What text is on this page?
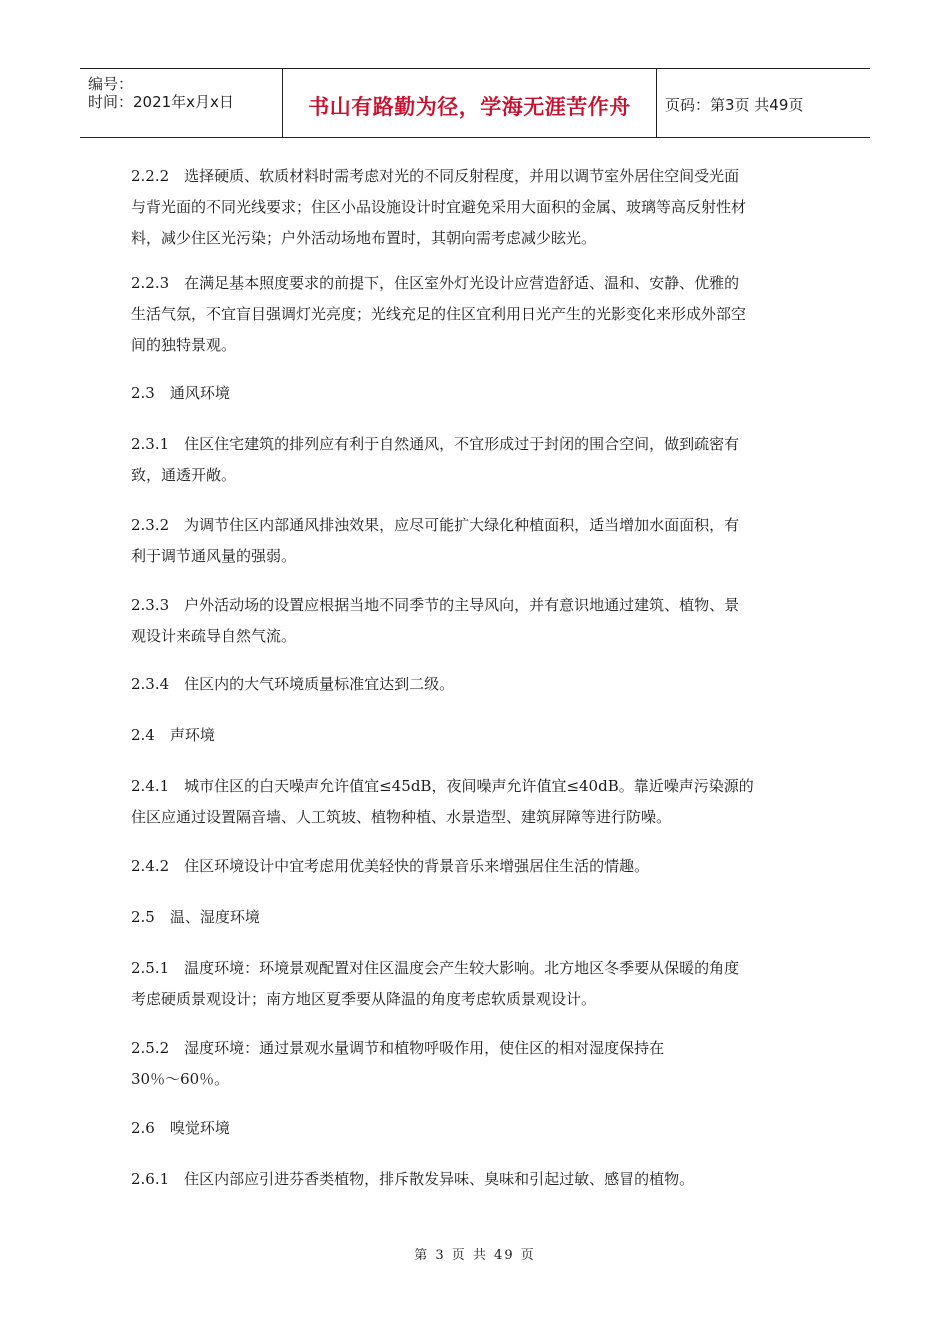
编号：
时间：2021年x月x日	书山有路勤为径，学海无涯苦作舟	页码：第3页 共49页
2.2.2　选择硬质、软质材料时需考虑对光的不同反射程度，并用以调节室外居住空间受光面
与背光面的不同光线要求；住区小品设施设计时宜避免采用大面积的金属、玻璃等高反射性材
料，减少住区光污染；户外活动场地布置时，其朝向需考虑减少眩光。
2.2.3　在满足基本照度要求的前提下，住区室外灯光设计应营造舒适、温和、安静、优雅的
生活气氛，不宜盲目强调灯光亮度；光线充足的住区宜利用日光产生的光影变化来形成外部空
间的独特景观。
2.3　通风环境
2.3.1　住区住宅建筑的排列应有利于自然通风，不宜形成过于封闭的围合空间，做到疏密有
致，通透开敞。
2.3.2　为调节住区内部通风排浊效果，应尽可能扩大绿化种植面积，适当增加水面面积，有
利于调节通风量的强弱。
2.3.3　户外活动场的设置应根据当地不同季节的主导风向，并有意识地通过建筑、植物、景
观设计来疏导自然气流。
2.3.4　住区内的大气环境质量标准宜达到二级。
2.4　声环境
2.4.1　城市住区的白天噪声允许值宜≤45dB，夜间噪声允许值宜≤40dB。靠近噪声污染源的
住区应通过设置隔音墙、人工筑坡、植物种植、水景造型、建筑屏障等进行防噪。
2.4.2　住区环境设计中宜考虑用优美轻快的背景音乐来增强居住生活的情趣。
2.5　温、湿度环境
2.5.1　温度环境：环境景观配置对住区温度会产生较大影响。北方地区冬季要从保暖的角度
考虑硬质景观设计；南方地区夏季要从降温的角度考虑软质景观设计。
2.5.2　湿度环境：通过景观水量调节和植物呼吸作用，使住区的相对湿度保持在
30％～60％。
2.6　嗅觉环境
2.6.1　住区内部应引进芬香类植物，排斥散发异味、臭味和引起过敏、感冒的植物。
第 3 页 共 49 页
